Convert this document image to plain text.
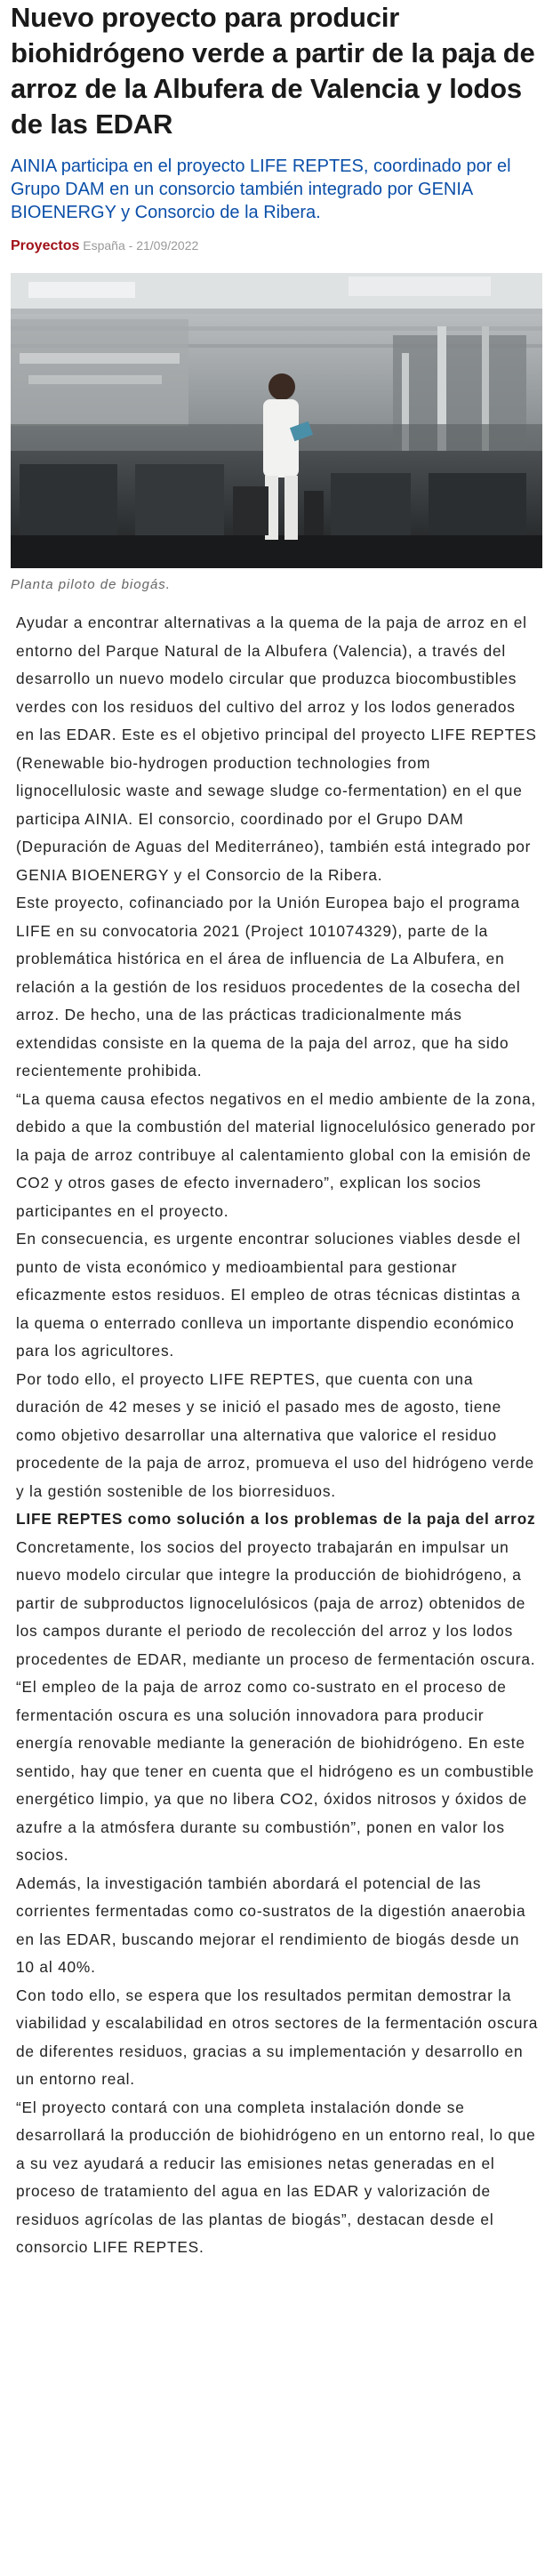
Nuevo proyecto para producir biohidrógeno verde a partir de la paja de arroz de la Albufera de Valencia y lodos de las EDAR
AINIA participa en el proyecto LIFE REPTES, coordinado por el Grupo DAM en un consorcio también integrado por GENIA BIOENERGY y Consorcio de la Ribera.
Proyectos España - 21/09/2022
Planta piloto de biogás.

Ayudar a encontrar alternativas a la quema de la paja de arroz en el entorno del Parque Natural de la Albufera (Valencia), a través del desarrollo un nuevo modelo circular que produzca biocombustibles verdes con los residuos del cultivo del arroz y los lodos generados en las EDAR. Este es el objetivo principal del proyecto LIFE REPTES (Renewable bio-hydrogen production technologies from lignocellulosic waste and sewage sludge co-fermentation) en el que participa AINIA. El consorcio, coordinado por el Grupo DAM (Depuración de Aguas del Mediterráneo), también está integrado por GENIA BIOENERGY y el Consorcio de la Ribera.

Este proyecto, cofinanciado por la Unión Europea bajo el programa LIFE en su convocatoria 2021 (Project 101074329), parte de la problemática histórica en el área de influencia de La Albufera, en relación a la gestión de los residuos procedentes de la cosecha del arroz. De hecho, una de las prácticas tradicionalmente más extendidas consiste en la quema de la paja del arroz, que ha sido recientemente prohibida.

“La quema causa efectos negativos en el medio ambiente de la zona, debido a que la combustión del material lignocelulósico generado por la paja de arroz contribuye al calentamiento global con la emisión de CO2 y otros gases de efecto invernadero”, explican los socios participantes en el proyecto.

En consecuencia, es urgente encontrar soluciones viables desde el punto de vista económico y medioambiental para gestionar eficazmente estos residuos. El empleo de otras técnicas distintas a la quema o enterrado conlleva un importante dispendio económico para los agricultores.

Por todo ello, el proyecto LIFE REPTES, que cuenta con una duración de 42 meses y se inició el pasado mes de agosto, tiene como objetivo desarrollar una alternativa que valorice el residuo procedente de la paja de arroz, promueva el uso del hidrógeno verde y la gestión sostenible de los biorresiduos.

LIFE REPTES como solución a los problemas de la paja del arroz

Concretamente, los socios del proyecto trabajarán en impulsar un nuevo modelo circular que integre la producción de biohidrógeno, a partir de subproductos lignocelulósicos (paja de arroz) obtenidos de los campos durante el periodo de recolección del arroz y los lodos procedentes de EDAR, mediante un proceso de fermentación oscura.

“El empleo de la paja de arroz como co-sustrato en el proceso de fermentación oscura es una solución innovadora para producir energía renovable mediante la generación de biohidrógeno. En este sentido, hay que tener en cuenta que el hidrógeno es un combustible energético limpio, ya que no libera CO2, óxidos nitrosos y óxidos de azufre a la atmósfera durante su combustión”, ponen en valor los socios.

Además, la investigación también abordará el potencial de las corrientes fermentadas como co-sustratos de la digestión anaerobia en las EDAR, buscando mejorar el rendimiento de biogás desde un 10 al 40%.

Con todo ello, se espera que los resultados permitan demostrar la viabilidad y escalabilidad en otros sectores de la fermentación oscura de diferentes residuos, gracias a su implementación y desarrollo en un entorno real.

“El proyecto contará con una completa instalación donde se desarrollará la producción de biohidrógeno en un entorno real, lo que a su vez ayudará a reducir las emisiones netas generadas en el proceso de tratamiento del agua en las EDAR y valorización de residuos agrícolas de las plantas de biogás”, destacan desde el consorcio LIFE REPTES.
